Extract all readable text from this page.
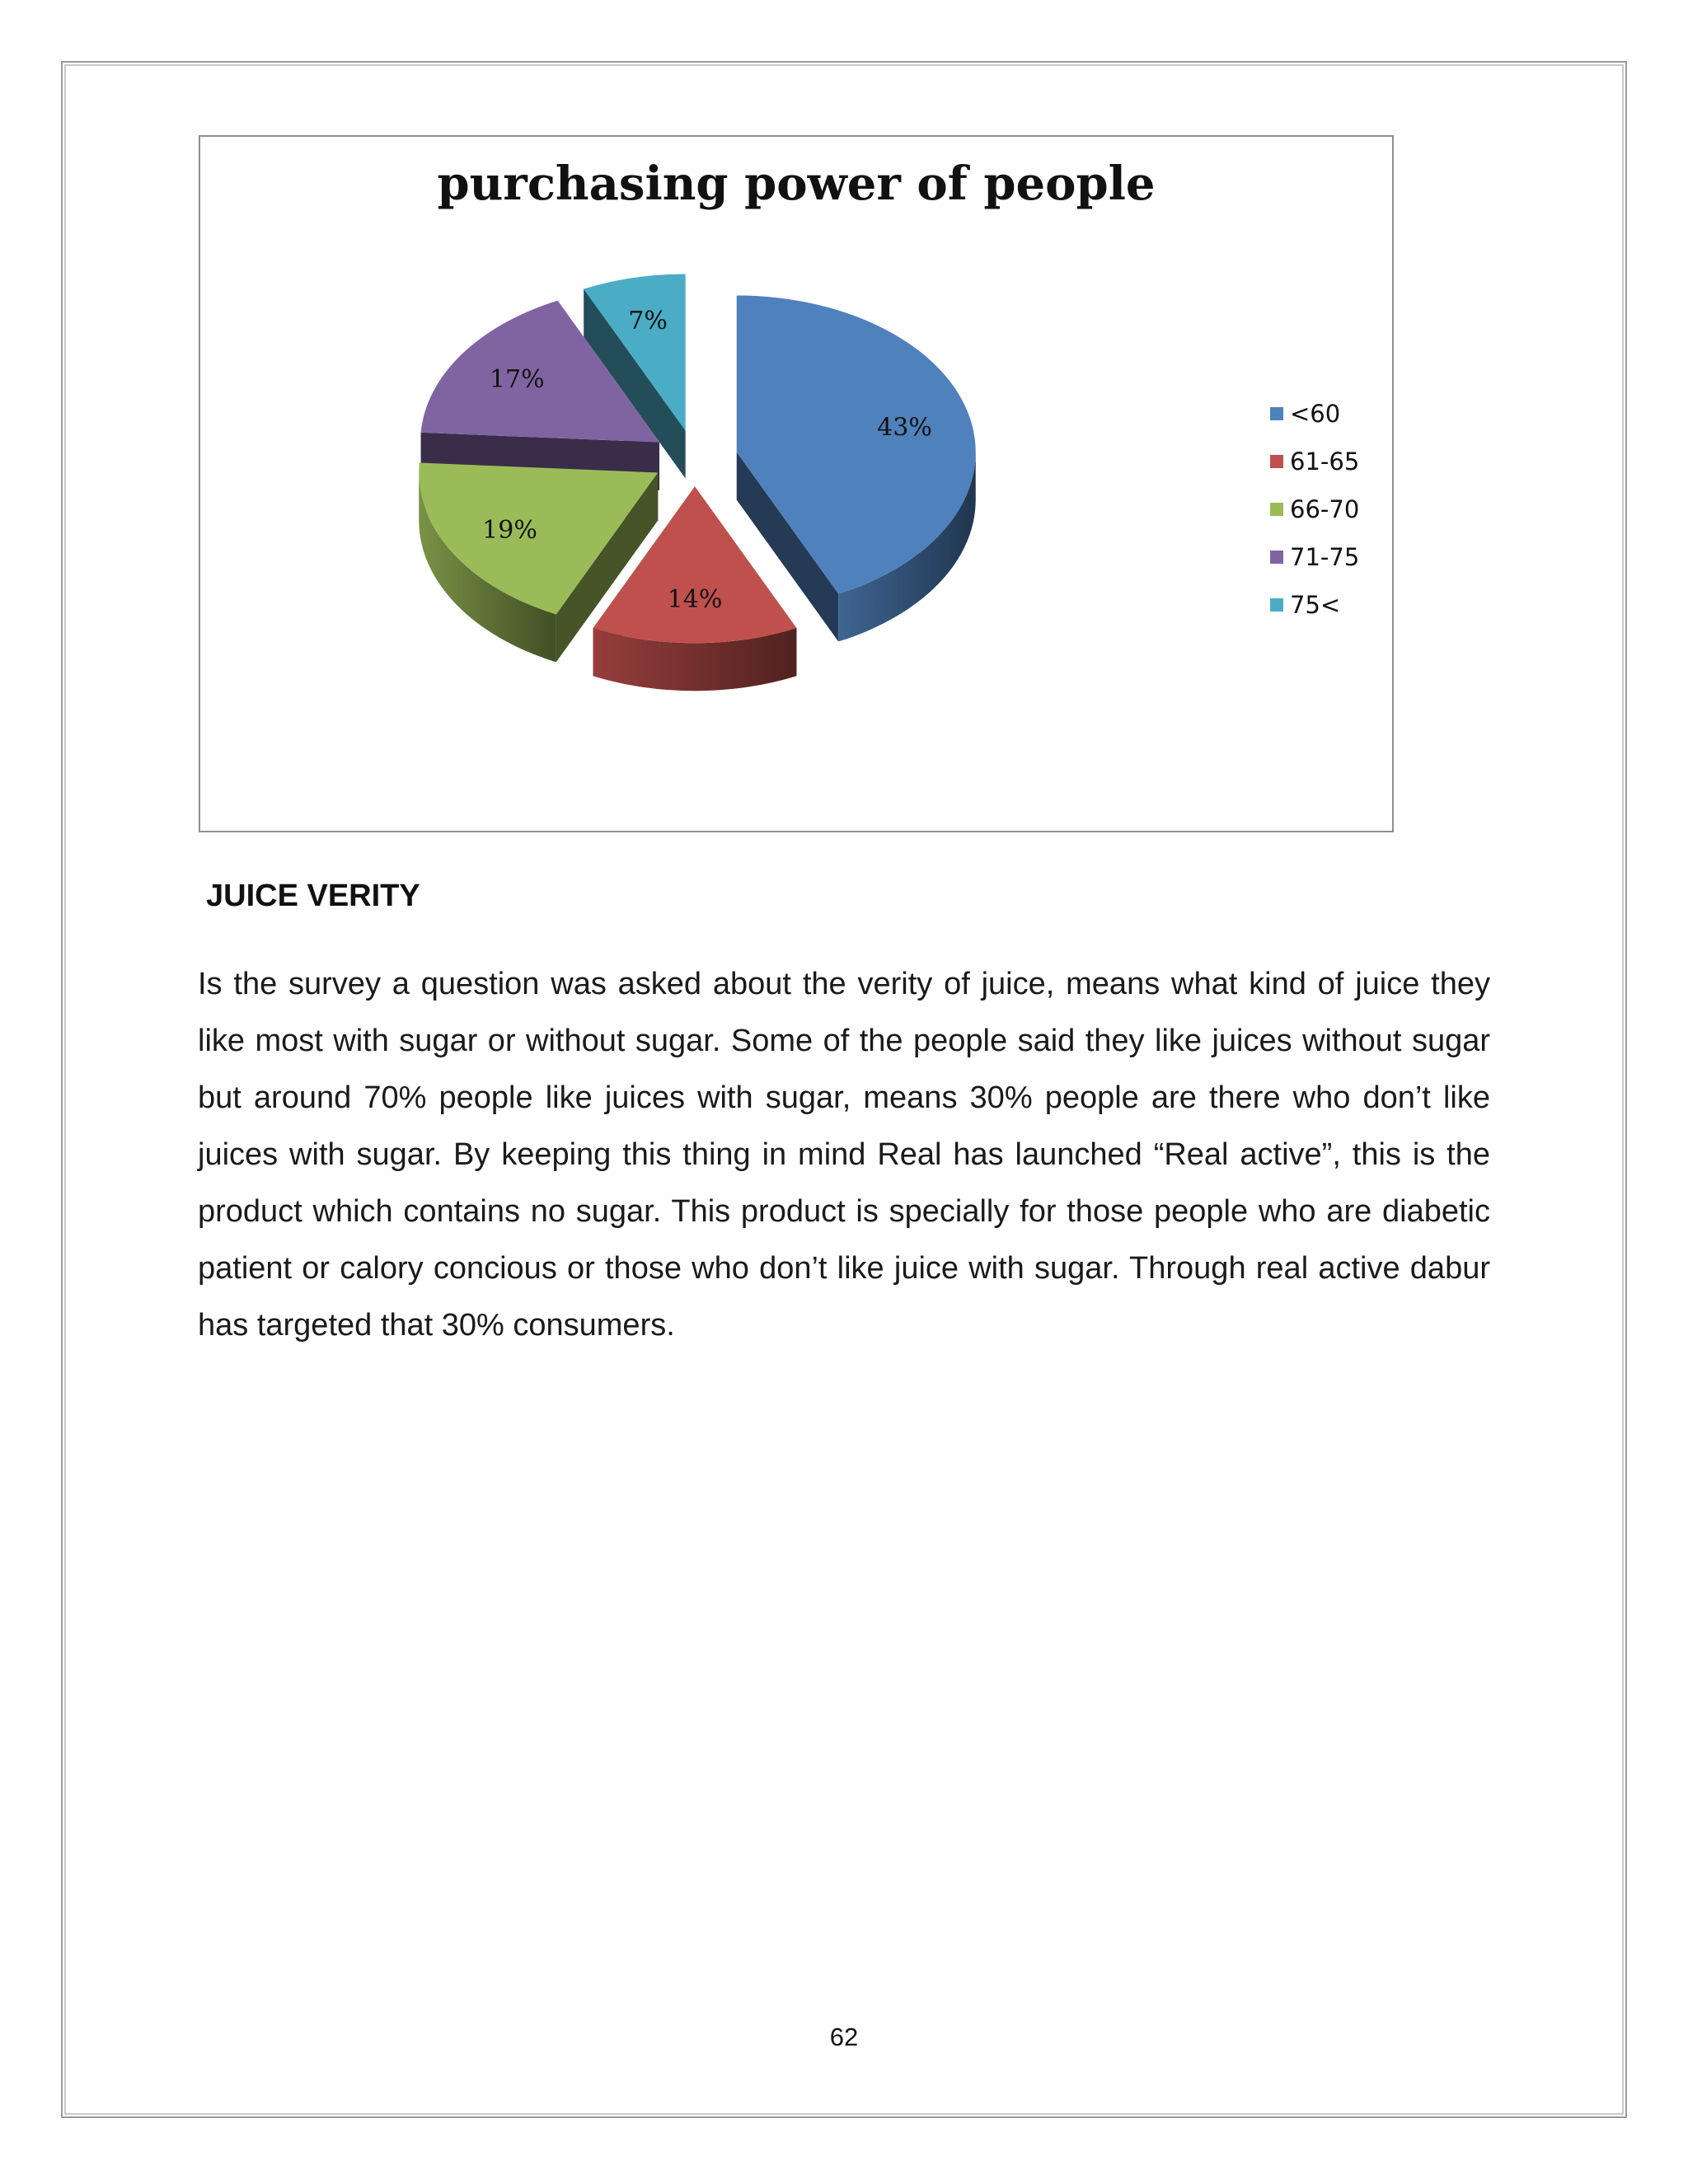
purchasing power of people
43%
14%
19%
17%
7%
<60
61-65
66-70
71-75
75<
JUICE VERITY

Is the survey a question was asked about the verity of juice, means what kind of juice they like most with sugar or without sugar. Some of the people said they like juices without sugar but around 70% people like juices with sugar, means 30% people are there who don’t like juices with sugar. By keeping this thing in mind Real has launched “Real active”, this is the product which contains no sugar. This product is specially for those people who are diabetic patient or calory concious or those who don’t like juice with sugar. Through real active dabur has targeted that 30% consumers.

62
